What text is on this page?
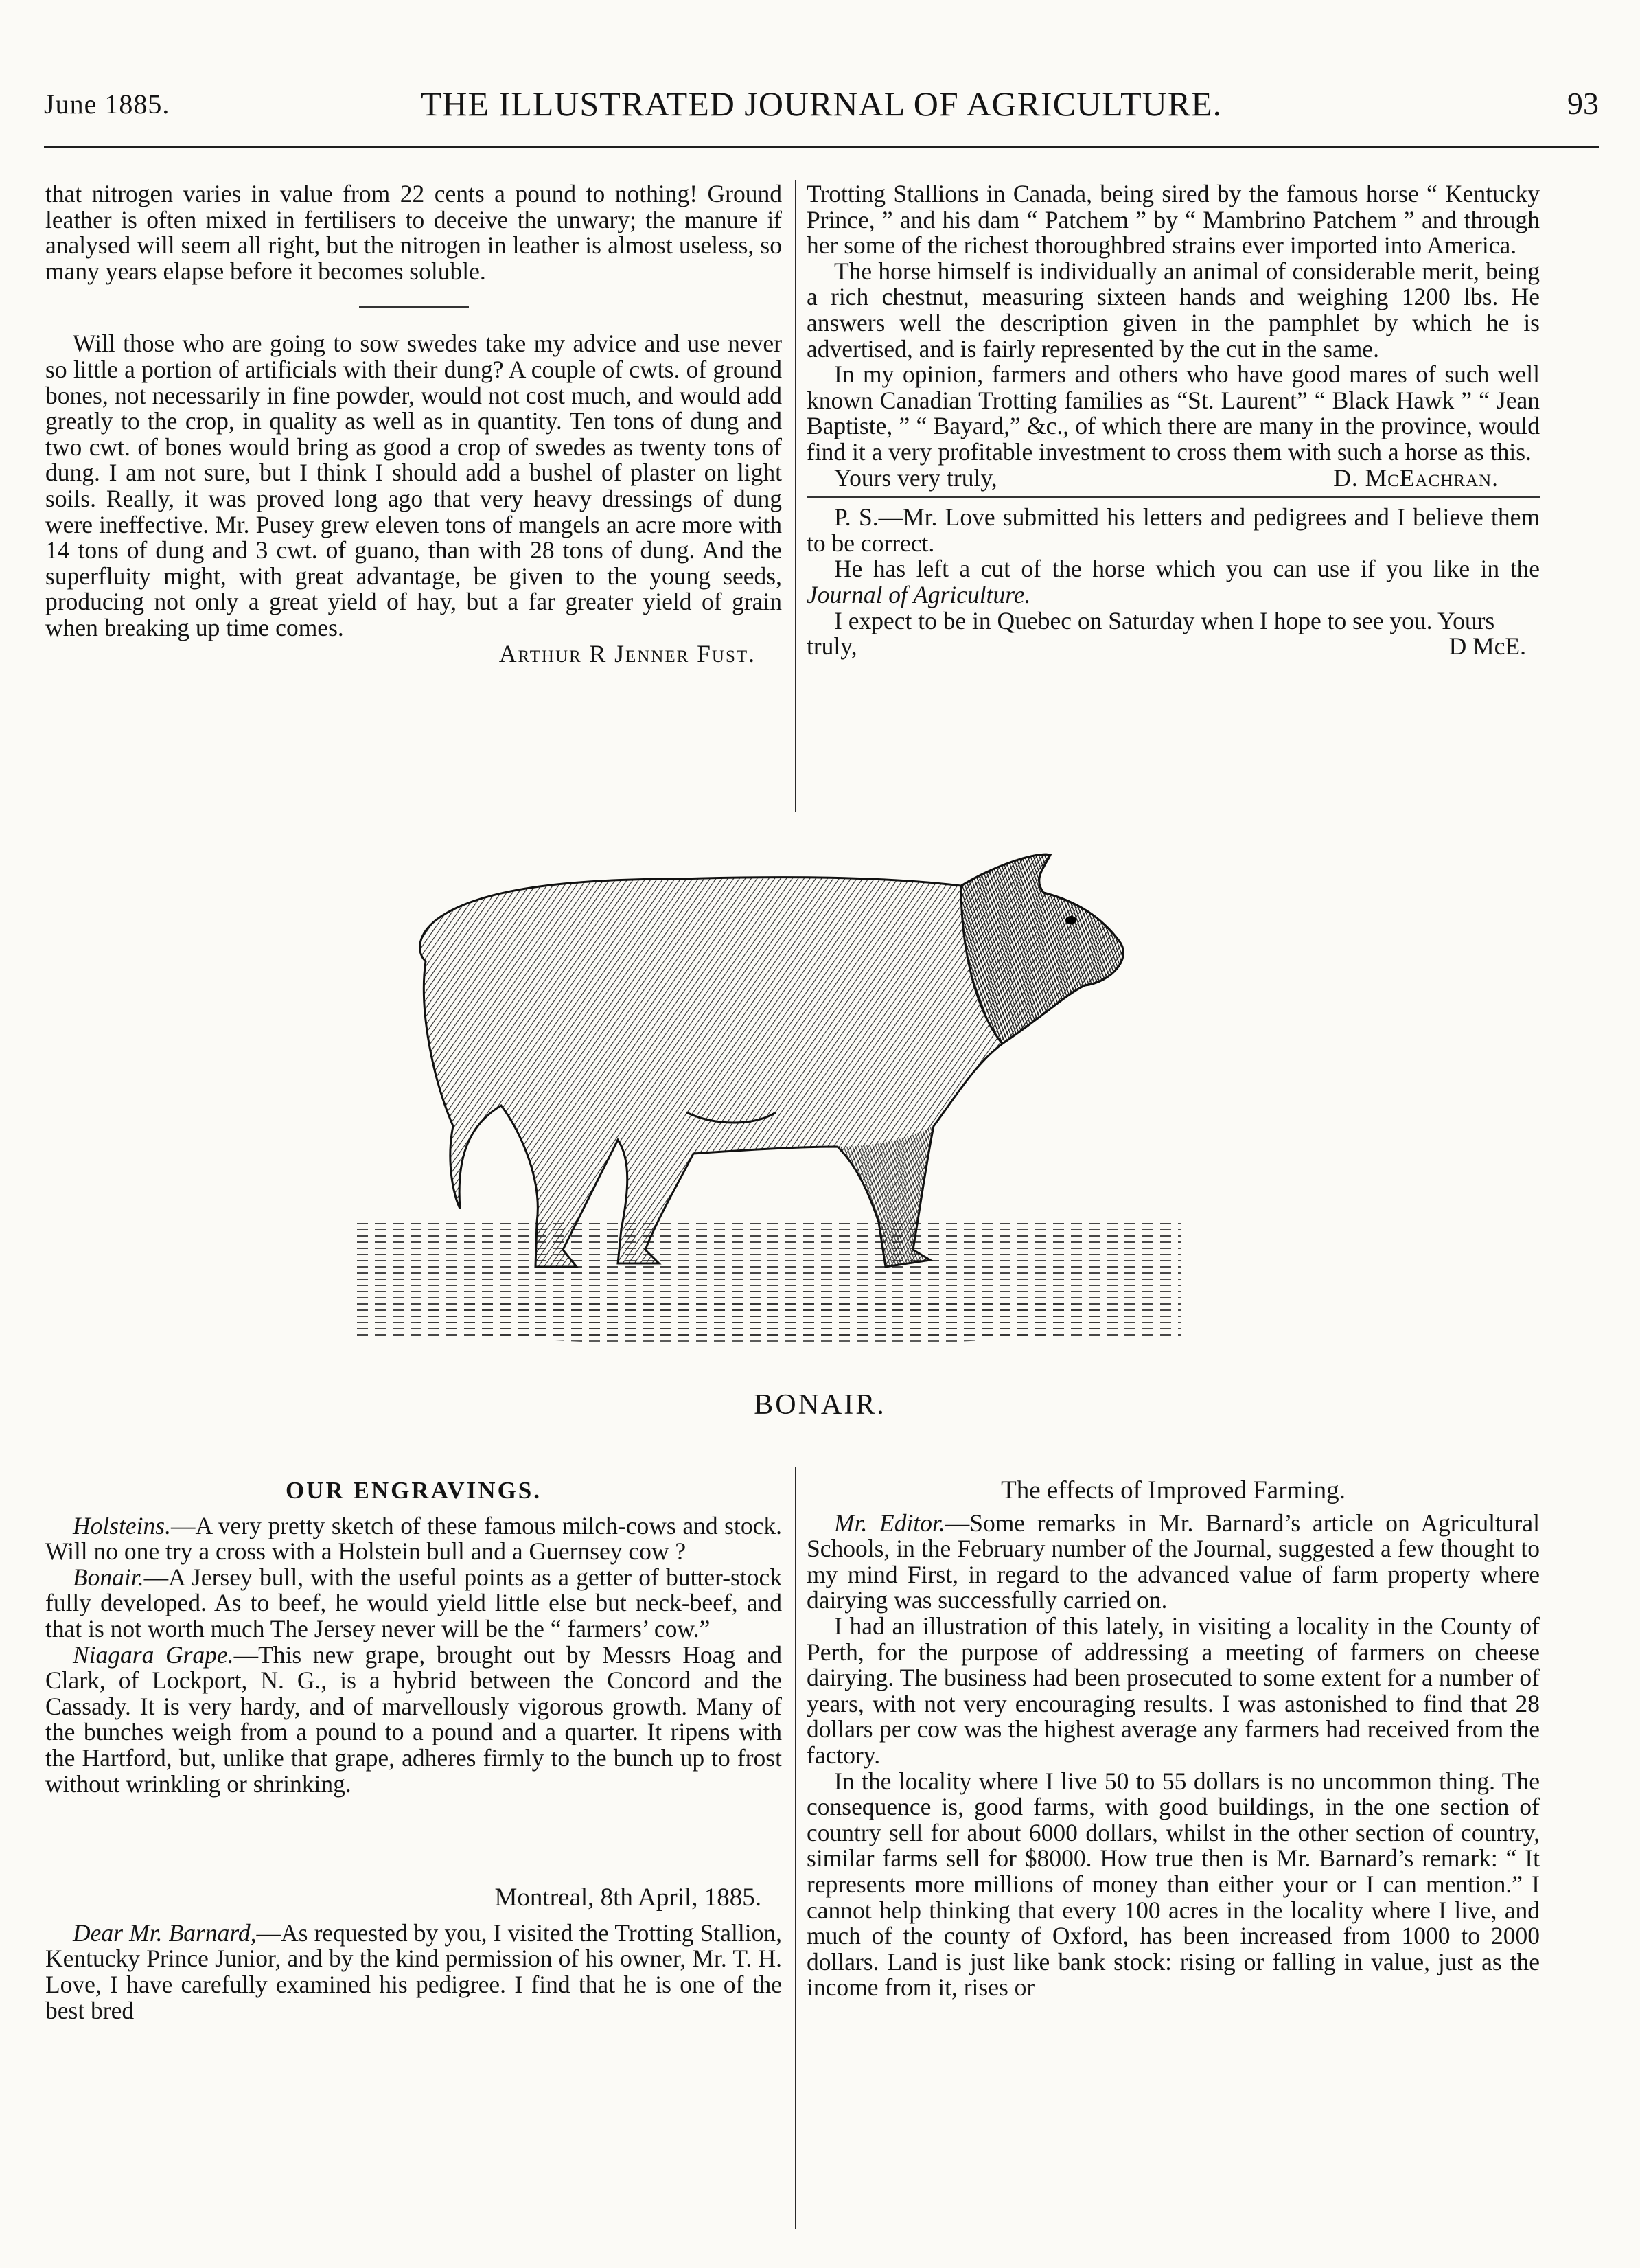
June 1885.	THE ILLUSTRATED JOURNAL OF AGRICULTURE.	93

that nitrogen varies in value from 22 cents a pound to nothing! Ground leather is often mixed in fertilisers to deceive the unwary; the manure if analysed will seem all right, but the nitrogen in leather is almost useless, so many years elapse before it becomes soluble.

Will those who are going to sow swedes take my advice and use never so little a portion of artificials with their dung? A couple of cwts. of ground bones, not necessarily in fine powder, would not cost much, and would add greatly to the crop, in quality as well as in quantity. Ten tons of dung and two cwt. of bones would bring as good a crop of swedes as twenty tons of dung. I am not sure, but I think I should add a bushel of plaster on light soils. Really, it was proved long ago that very heavy dressings of dung were ineffective. Mr. Pusey grew eleven tons of mangels an acre more with 14 tons of dung and 3 cwt. of guano, than with 28 tons of dung. And the superfluity might, with great advantage, be given to the young seeds, producing not only a great yield of hay, but a far greater yield of grain when breaking up time comes.

Arthur R Jenner Fust.

Trotting Stallions in Canada, being sired by the famous horse “ Kentucky Prince, ” and his dam “ Patchem ” by “ Mambrino Patchem ” and through her some of the richest thoroughbred strains ever imported into America.

The horse himself is individually an animal of considerable merit, being a rich chestnut, measuring sixteen hands and weighing 1200 lbs. He answers well the description given in the pamphlet by which he is advertised, and is fairly represented by the cut in the same.

In my opinion, farmers and others who have good mares of such well known Canadian Trotting families as “St. Laurent” “ Black Hawk ” “ Jean Baptiste, ” “ Bayard,” &c., of which there are many in the province, would find it a very profitable investment to cross them with such a horse as this.

Yours very truly,	D. McEachran.

P. S.—Mr. Love submitted his letters and pedigrees and I believe them to be correct.

He has left a cut of the horse which you can use if you like in the Journal of Agriculture.

I expect to be in Quebec on Saturday when I hope to see you. Yours truly,	D McE.

BONAIR.

OUR ENGRAVINGS.

Holsteins.—A very pretty sketch of these famous milch-cows and stock. Will no one try a cross with a Holstein bull and a Guernsey cow ?

Bonair.—A Jersey bull, with the useful points as a getter of butter-stock fully developed. As to beef, he would yield little else but neck-beef, and that is not worth much The Jersey never will be the “ farmers’ cow.”

Niagara Grape.—This new grape, brought out by Messrs Hoag and Clark, of Lockport, N. G., is a hybrid between the Concord and the Cassady. It is very hardy, and of marvellously vigorous growth. Many of the bunches weigh from a pound to a pound and a quarter. It ripens with the Hartford, but, unlike that grape, adheres firmly to the bunch up to frost without wrinkling or shrinking.

Montreal, 8th April, 1885.

Dear Mr. Barnard,—As requested by you, I visited the Trotting Stallion, Kentucky Prince Junior, and by the kind permission of his owner, Mr. T. H. Love, I have carefully examined his pedigree. I find that he is one of the best bred

The effects of Improved Farming.

Mr. Editor.—Some remarks in Mr. Barnard’s article on Agricultural Schools, in the February number of the Journal, suggested a few thought to my mind First, in regard to the advanced value of farm property where dairying was successfully carried on.

I had an illustration of this lately, in visiting a locality in the County of Perth, for the purpose of addressing a meeting of farmers on cheese dairying. The business had been prosecuted to some extent for a number of years, with not very encouraging results. I was astonished to find that 28 dollars per cow was the highest average any farmers had received from the factory.

In the locality where I live 50 to 55 dollars is no uncommon thing. The consequence is, good farms, with good buildings, in the one section of country sell for about 6000 dollars, whilst in the other section of country, similar farms sell for $8000. How true then is Mr. Barnard’s remark: “ It represents more millions of money than either your or I can mention.” I cannot help thinking that every 100 acres in the locality where I live, and much of the county of Oxford, has been increased from 1000 to 2000 dollars. Land is just like bank stock: rising or falling in value, just as the income from it, rises or
